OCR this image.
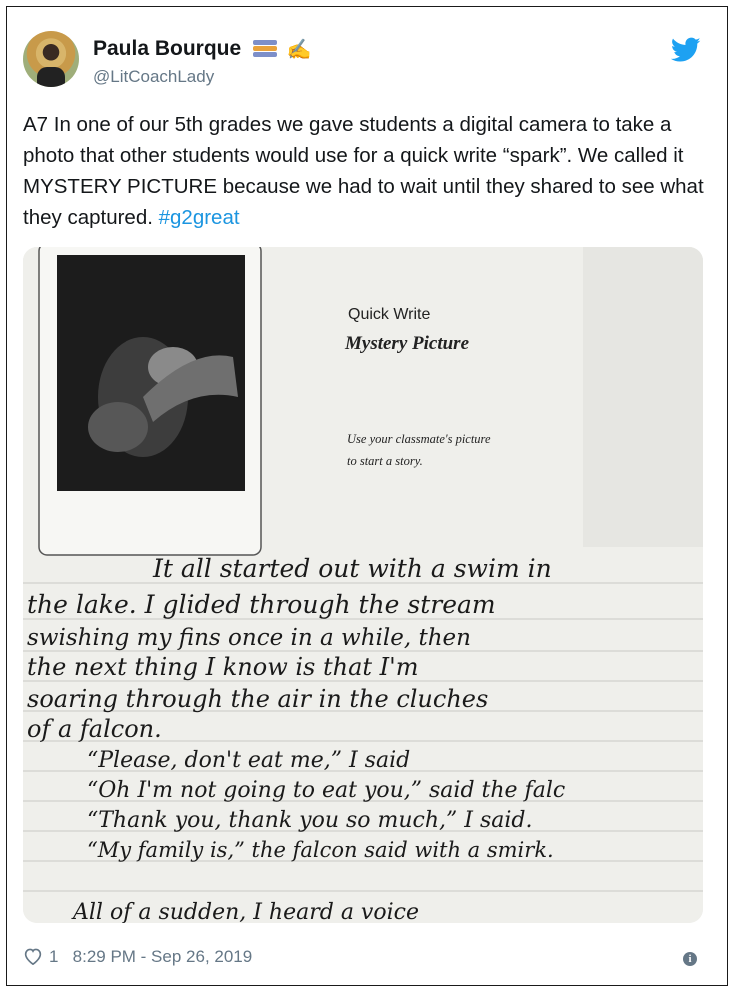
Paula Bourque ✍
@LitCoachLady
A7 In one of our 5th grades we gave students a digital camera to take a photo that other students would use for a quick write “spark”. We called it MYSTERY PICTURE because we had to wait until they shared to see what they captured. #g2great
Quick Write
Mystery Picture
Use your classmate's picture
to start a story.
It all started out with a swim in
the lake. I glided through the stream
swishing my fins once in a while, then
the next thing I know is that I'm
soaring through the air in the cluches
of a falcon.
“Please, don't eat me,” I said
“Oh I'm not going to eat you,” said the falc
“Thank you, thank you so much,” I said.
“My family is,” the falcon said with a smirk.
All of a sudden, I heard a voice
1 8:29 PM - Sep 26, 2019	i
